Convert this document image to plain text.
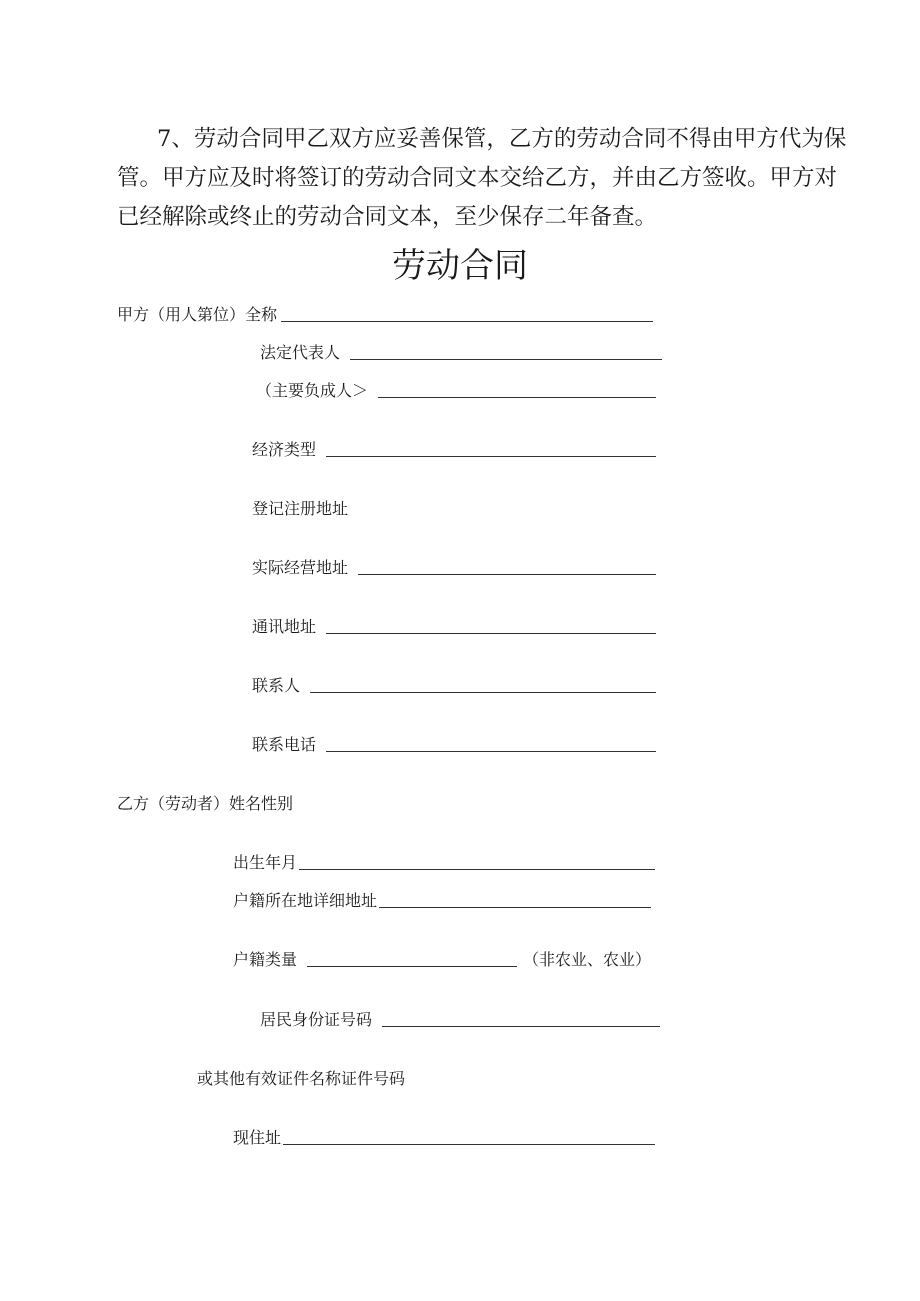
7、劳动合同甲乙双方应妥善保管，乙方的劳动合同不得由甲方代为保
管。甲方应及时将签订的劳动合同文本交给乙方，并由乙方签收。甲方对
已经解除或终止的劳动合同文本，至少保存二年备查。
劳动合同
甲方（用人第位）全称
法定代表人
（主要负成人＞
经济类型
登记注册地址
实际经营地址
通讯地址
联系人
联系电话
乙方（劳动者）姓名性别
出生年月
户籍所在地详细地址
户籍类量	（非农业、农业）
居民身份证号码
或其他有效证件名称证件号码
现住址
